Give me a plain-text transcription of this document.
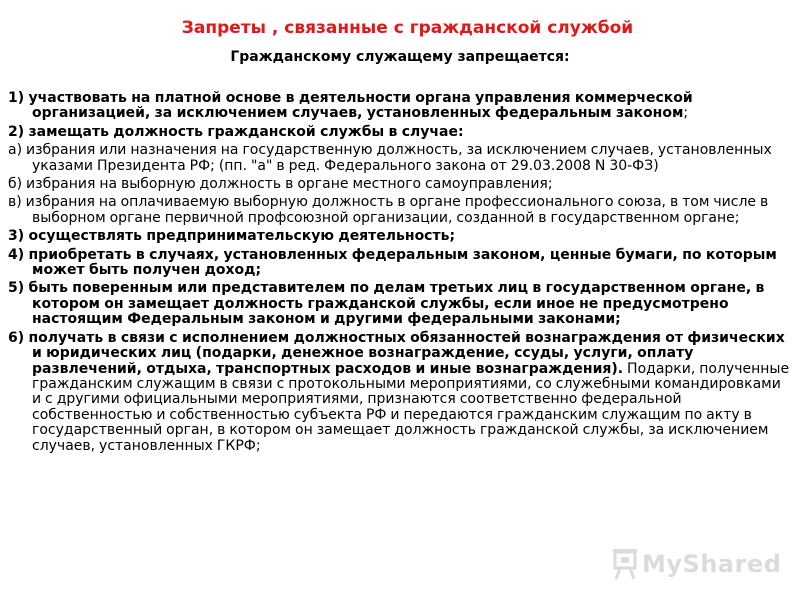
Запреты , связанные с гражданской службой

Гражданскому служащему запрещается:

1) участвовать на платной основе в деятельности органа управления коммерческой организацией, за исключением случаев, установленных федеральным законом;

2) замещать должность гражданской службы в случае:

а) избрания или назначения на государственную должность, за исключением случаев, установленных указами Президента РФ; (пп. "а" в ред. Федерального закона от 29.03.2008 N 30-ФЗ)

б) избрания на выборную должность в органе местного самоуправления;

в) избрания на оплачиваемую выборную должность в органе профессионального союза, в том числе в выборном органе первичной профсоюзной организации, созданной в государственном органе;

3) осуществлять предпринимательскую деятельность;

4) приобретать в случаях, установленных федеральным законом, ценные бумаги, по которым может быть получен доход;

5) быть поверенным или представителем по делам третьих лиц в государственном органе, в котором он замещает должность гражданской службы, если иное не предусмотрено настоящим Федеральным законом и другими федеральными законами;

6) получать в связи с исполнением должностных обязанностей вознаграждения от физических и юридических лиц (подарки, денежное вознаграждение, ссуды, услуги, оплату развлечений, отдыха, транспортных расходов и иные вознаграждения). Подарки, полученные гражданским служащим в связи с протокольными мероприятиями, со служебными командировками и с другими официальными мероприятиями, признаются соответственно федеральной собственностью и собственностью субъекта РФ и передаются гражданским служащим по акту в государственный орган, в котором он замещает должность гражданской службы, за исключением случаев, установленных ГКРФ;

MyShared
